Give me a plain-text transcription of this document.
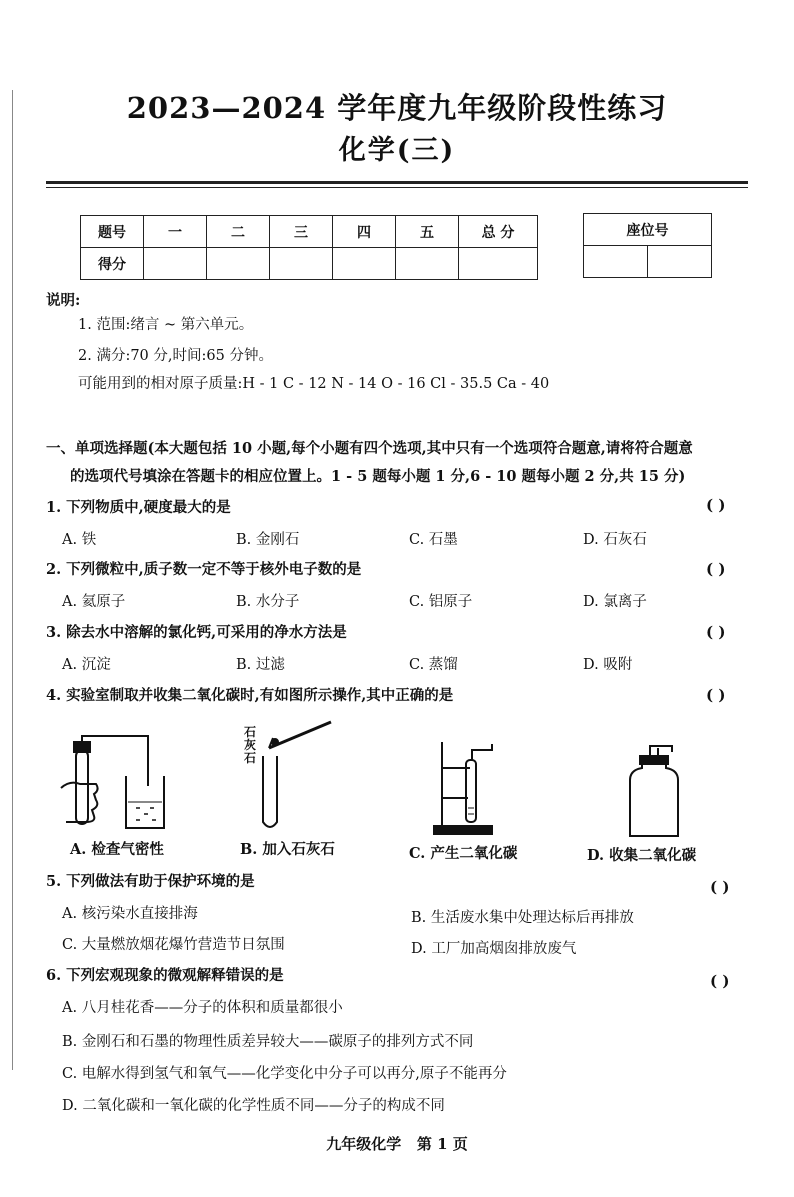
2023—2024 学年度九年级阶段性练习
化学(三)
题号	一	二	三	四	五	总 分
得分						
座位号

说明:
1. 范围:绪言 ~ 第六单元。
2. 满分:70 分,时间:65 分钟。
可能用到的相对原子质量:H - 1 C - 12 N - 14 O - 16 Cl - 35.5 Ca - 40
一、单项选择题(本大题包括 10 小题,每个小题有四个选项,其中只有一个选项符合题意,请将符合题意
的选项代号填涂在答题卡的相应位置上。1 - 5 题每小题 1 分,6 - 10 题每小题 2 分,共 15 分)
1. 下列物质中,硬度最大的是	( )
A. 铁	B. 金刚石	C. 石墨	D. 石灰石
2. 下列微粒中,质子数一定不等于核外电子数的是	( )
A. 氦原子	B. 水分子	C. 铝原子	D. 氯离子
3. 除去水中溶解的氯化钙,可采用的净水方法是	( )
A. 沉淀	B. 过滤	C. 蒸馏	D. 吸附
4. 实验室制取并收集二氧化碳时,有如图所示操作,其中正确的是	( )
A. 检查气密性
石
灰
石
B. 加入石灰石	C. 产生二氧化碳	D. 收集二氧化碳
5. 下列做法有助于保护环境的是	( )
A. 核污染水直接排海	B. 生活废水集中处理达标后再排放
C. 大量燃放烟花爆竹营造节日氛围	D. 工厂加高烟囱排放废气
6. 下列宏观现象的微观解释错误的是	( )
A. 八月桂花香——分子的体积和质量都很小
B. 金刚石和石墨的物理性质差异较大——碳原子的排列方式不同
C. 电解水得到氢气和氧气——化学变化中分子可以再分,原子不能再分
D. 二氧化碳和一氧化碳的化学性质不同——分子的构成不同
九年级化学   第 1 页
